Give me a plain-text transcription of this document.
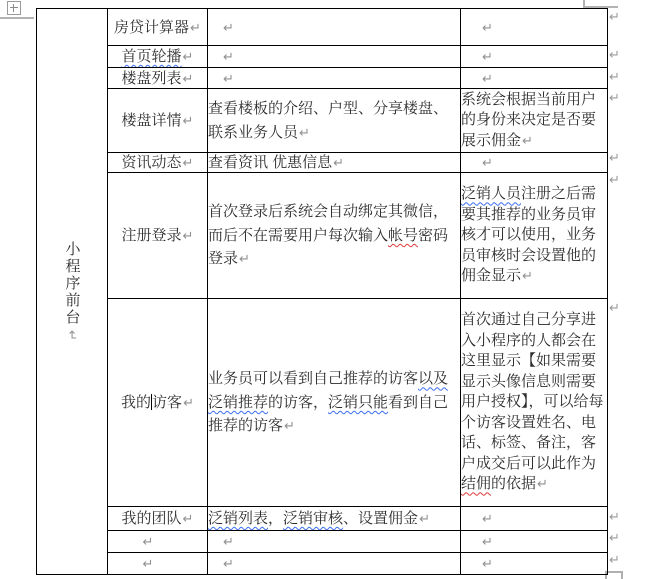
↵
↵
↵
↵
↵
↵
↵
↵
↵
↵
小程序前台
↵	房贷计算器↵	↵	↵
	首页轮播↵	↵	↵
	楼盘列表↵	↵	↵
	楼盘详情↵	查看楼板的介绍、户型、分享楼盘、联系业务人员↵	系统会根据当前用户的身份来决定是否要展示佣金↵
	资讯动态↵	查看资讯 优惠信息↵	↵
	注册登录↵	首次登录后系统会自动绑定其微信，而后不在需要用户每次输入帐号密码登录↵	泛销人员注册之后需要其推荐的业务员审核才可以使用，业务员审核时会设置他的佣金显示↵
	我的访客↵	业务员可以看到自己推荐的访客以及泛销推荐的访客，泛销只能看到自己推荐的访客↵	首次通过自己分享进入小程序的人都会在这里显示【如果需要显示头像信息则需要用户授权】，可以给每个访客设置姓名、电话、标签、备注，客户成交后可以此作为结佣的依据↵
	我的团队↵	泛销列表，泛销审核、设置佣金↵	↵
	↵	↵	↵
	↵	↵	↵
